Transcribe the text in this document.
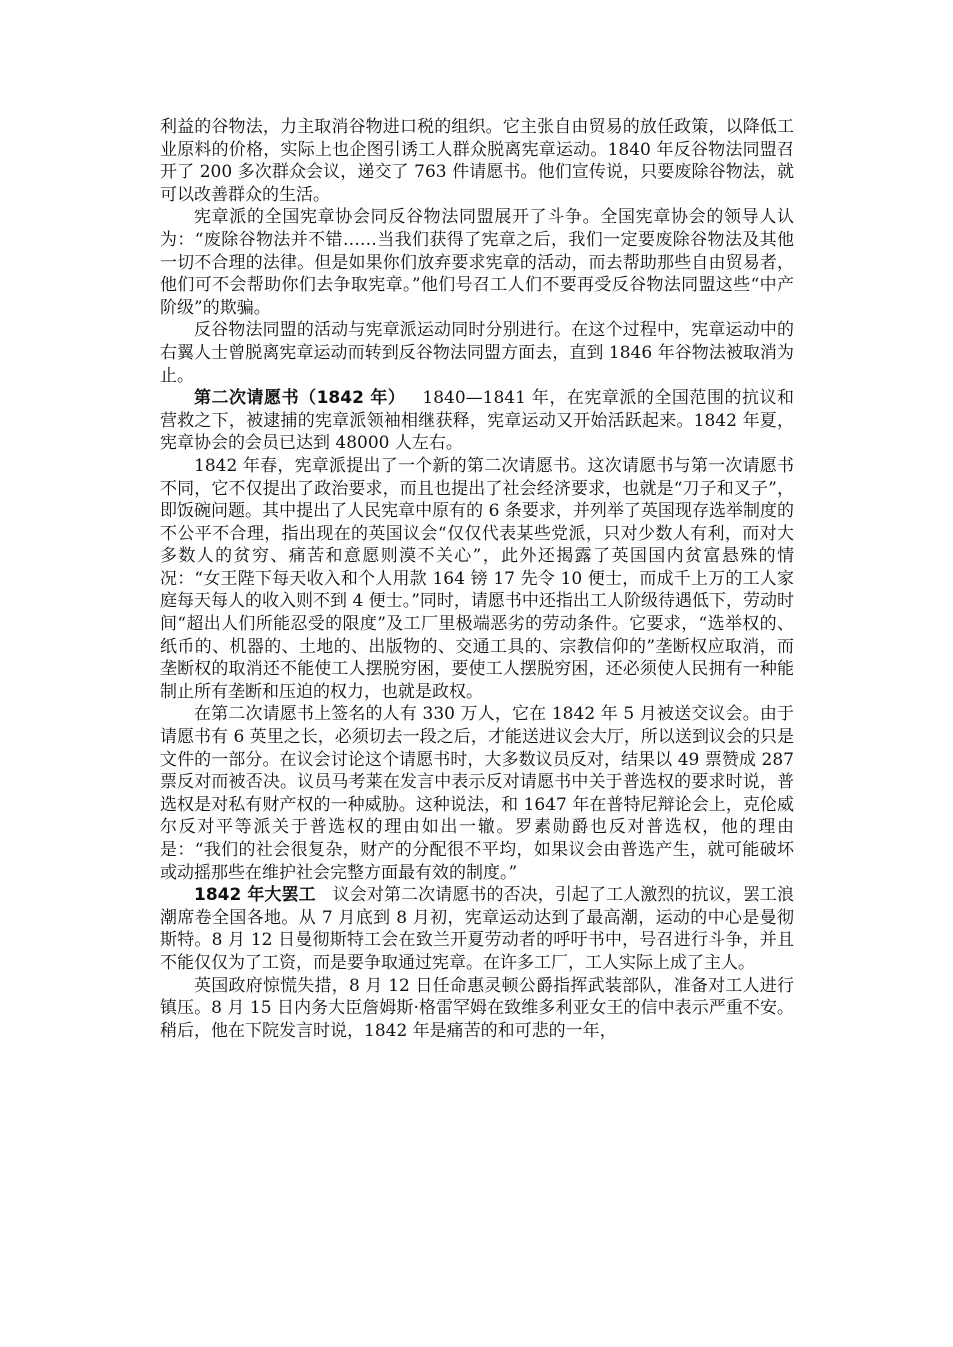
利益的谷物法，力主取消谷物进口税的组织。它主张自由贸易的放任政策，以降低工业原料的价格，实际上也企图引诱工人群众脱离宪章运动。1840 年反谷物法同盟召开了 200 多次群众会议，递交了 763 件请愿书。他们宣传说，只要废除谷物法，就可以改善群众的生活。

宪章派的全国宪章协会同反谷物法同盟展开了斗争。全国宪章协会的领导人认为：“废除谷物法并不错……当我们获得了宪章之后，我们一定要废除谷物法及其他一切不合理的法律。但是如果你们放弃要求宪章的活动，而去帮助那些自由贸易者，他们可不会帮助你们去争取宪章。”他们号召工人们不要再受反谷物法同盟这些“中产阶级”的欺骗。

反谷物法同盟的活动与宪章派运动同时分别进行。在这个过程中，宪章运动中的右翼人士曾脱离宪章运动而转到反谷物法同盟方面去，直到 1846 年谷物法被取消为止。

第二次请愿书（1842 年） 1840—1841 年，在宪章派的全国范围的抗议和营救之下，被逮捕的宪章派领袖相继获释，宪章运动又开始活跃起来。1842 年夏，宪章协会的会员已达到 48000 人左右。

1842 年春，宪章派提出了一个新的第二次请愿书。这次请愿书与第一次请愿书不同，它不仅提出了政治要求，而且也提出了社会经济要求，也就是“刀子和叉子”，即饭碗问题。其中提出了人民宪章中原有的 6 条要求，并列举了英国现存选举制度的不公平不合理，指出现在的英国议会“仅仅代表某些党派，只对少数人有利，而对大多数人的贫穷、痛苦和意愿则漠不关心”，此外还揭露了英国国内贫富悬殊的情况：“女王陛下每天收入和个人用款 164 镑 17 先令 10 便士，而成千上万的工人家庭每天每人的收入则不到 4 便士。”同时，请愿书中还指出工人阶级待遇低下，劳动时间“超出人们所能忍受的限度”及工厂里极端恶劣的劳动条件。它要求，“选举权的、纸币的、机器的、土地的、出版物的、交通工具的、宗教信仰的”垄断权应取消，而垄断权的取消还不能使工人摆脱穷困，要使工人摆脱穷困，还必须使人民拥有一种能制止所有垄断和压迫的权力，也就是政权。

在第二次请愿书上签名的人有 330 万人，它在 1842 年 5 月被送交议会。由于请愿书有 6 英里之长，必须切去一段之后，才能送进议会大厅，所以送到议会的只是文件的一部分。在议会讨论这个请愿书时，大多数议员反对，结果以 49 票赞成 287 票反对而被否决。议员马考莱在发言中表示反对请愿书中关于普选权的要求时说，普选权是对私有财产权的一种威胁。这种说法，和 1647 年在普特尼辩论会上，克伦威尔反对平等派关于普选权的理由如出一辙。罗素勋爵也反对普选权，他的理由是：“我们的社会很复杂，财产的分配很不平均，如果议会由普选产生，就可能破坏或动摇那些在维护社会完整方面最有效的制度。”

1842 年大罢工 议会对第二次请愿书的否决，引起了工人激烈的抗议，罢工浪潮席卷全国各地。从 7 月底到 8 月初，宪章运动达到了最高潮，运动的中心是曼彻斯特。8 月 12 日曼彻斯特工会在致兰开夏劳动者的呼吁书中，号召进行斗争，并且不能仅仅为了工资，而是要争取通过宪章。在许多工厂，工人实际上成了主人。

英国政府惊慌失措，8 月 12 日任命惠灵顿公爵指挥武装部队，准备对工人进行镇压。8 月 15 日内务大臣詹姆斯·格雷罕姆在致维多利亚女王的信中表示严重不安。稍后，他在下院发言时说，1842 年是痛苦的和可悲的一年，
